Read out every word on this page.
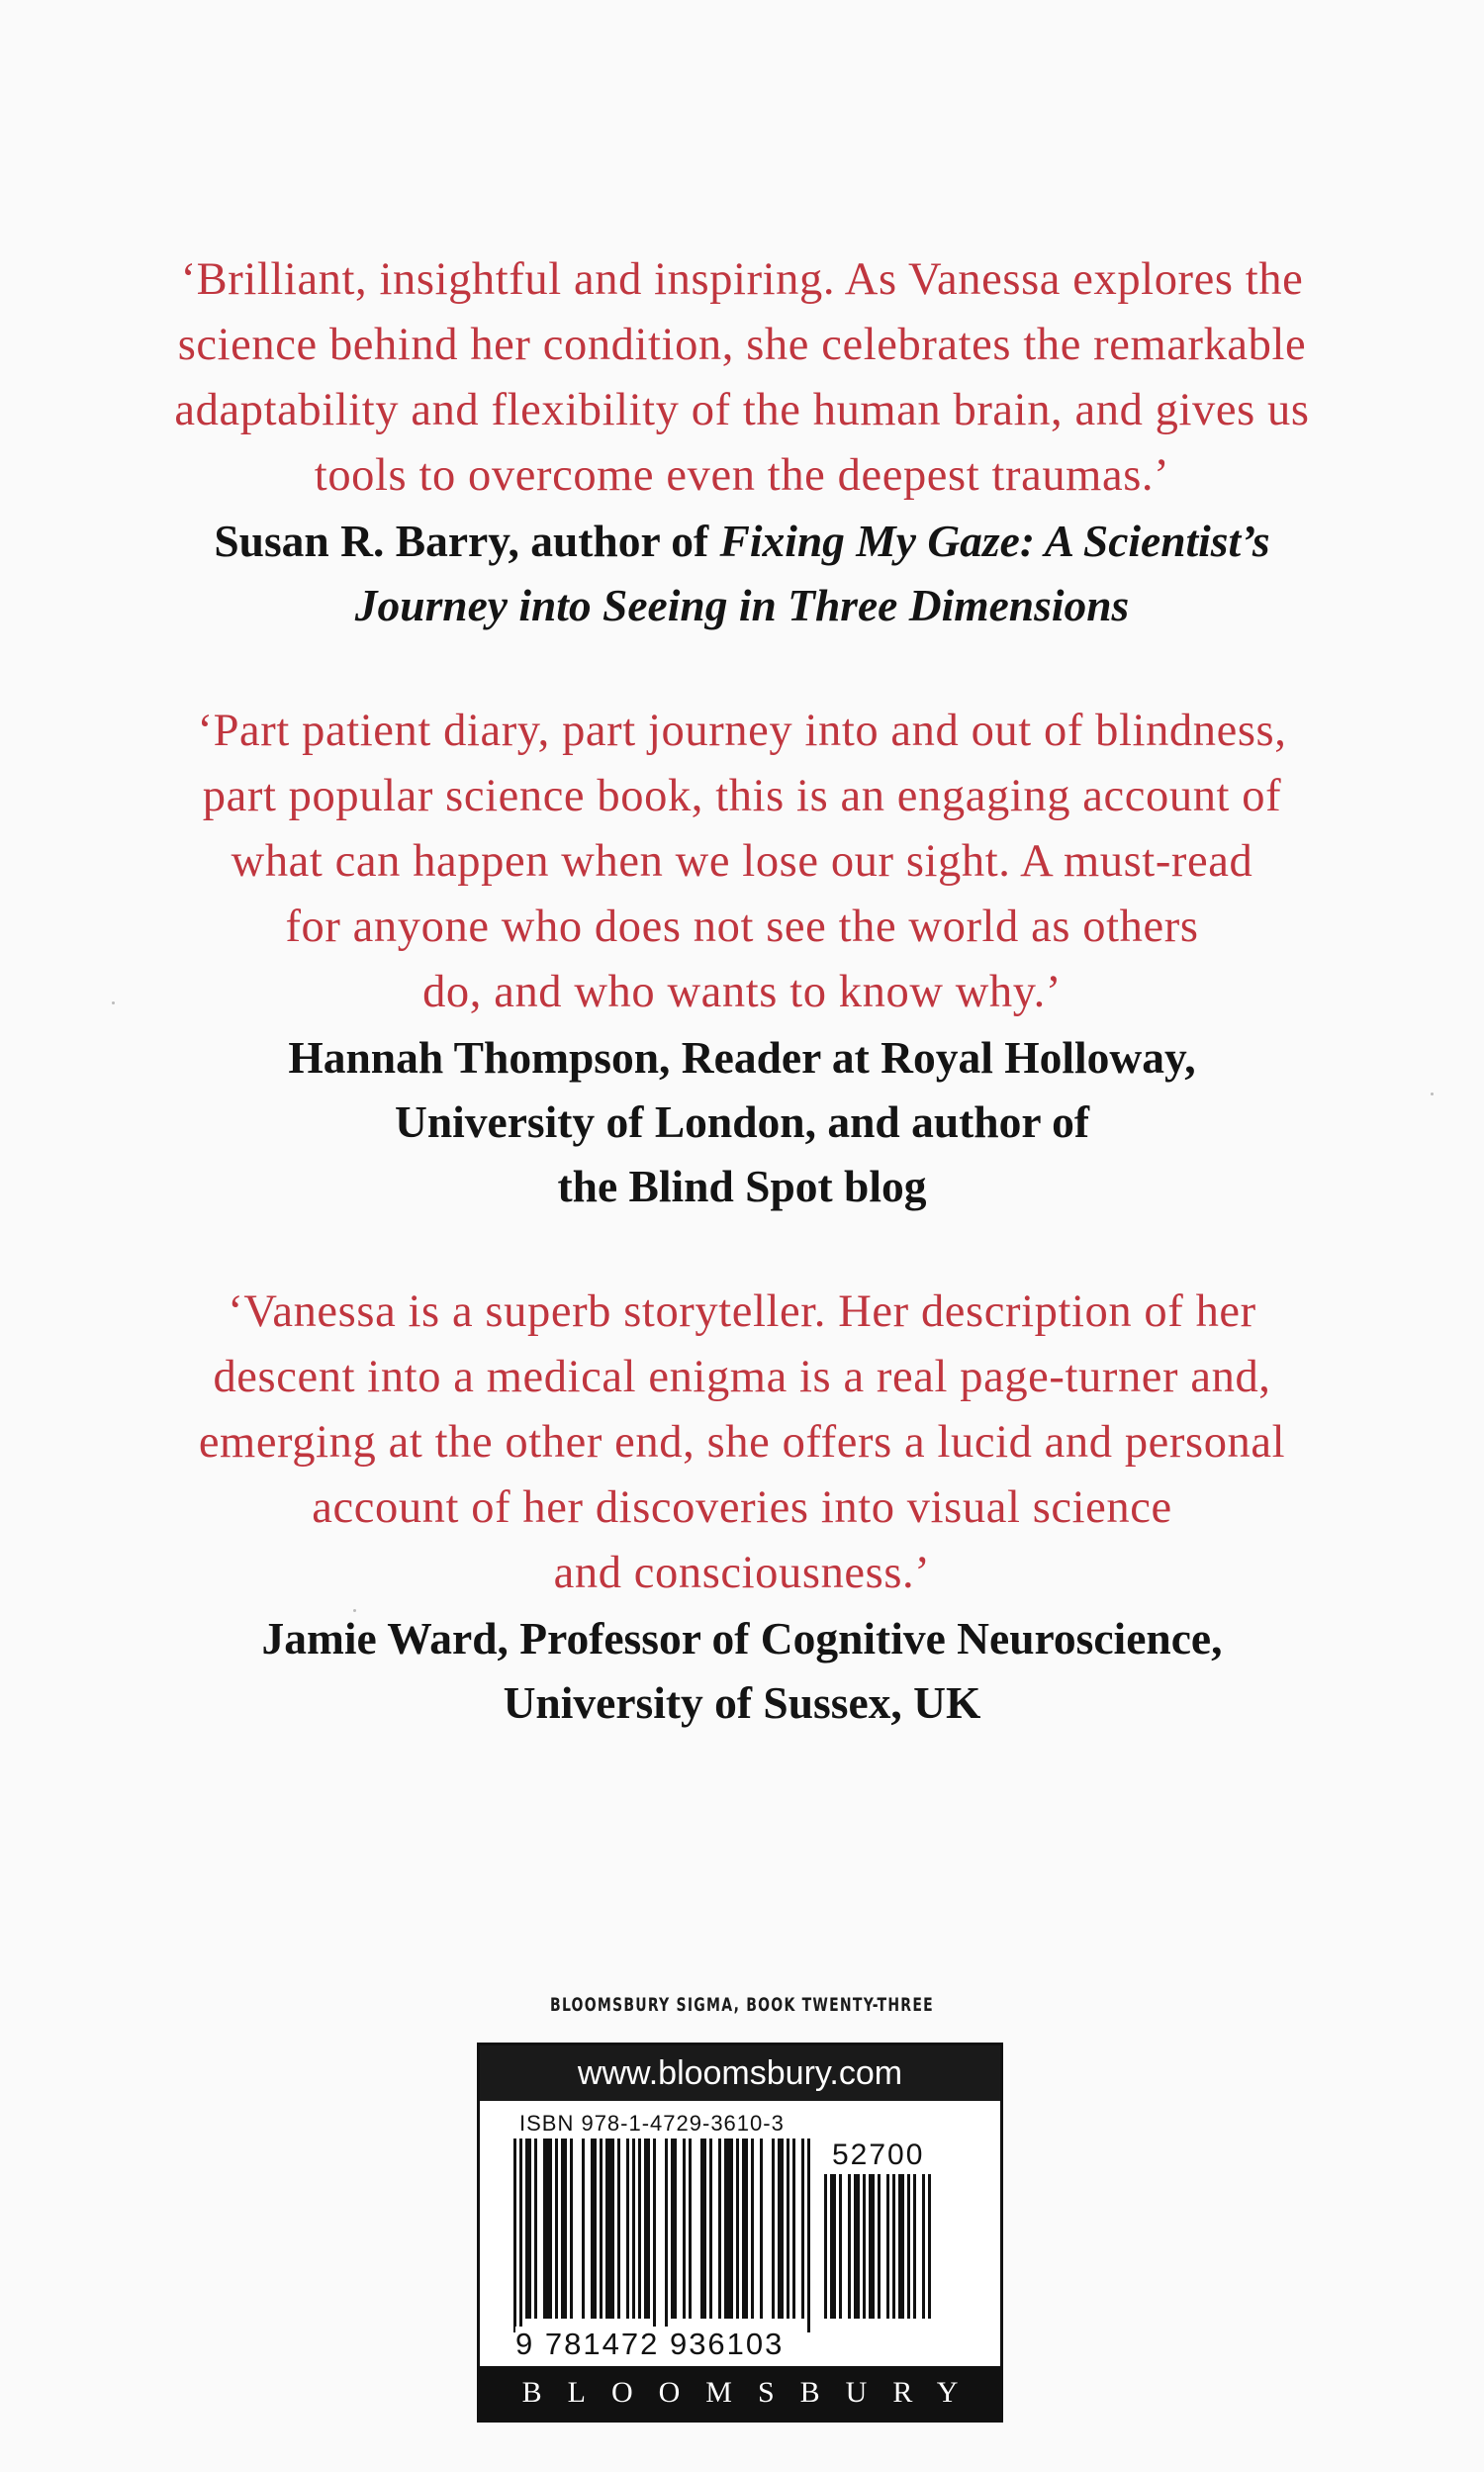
‘Brilliant, insightful and inspiring. As Vanessa explores the
science behind her condition, she celebrates the remarkable
adaptability and flexibility of the human brain, and gives us
tools to overcome even the deepest traumas.’

Susan R. Barry, author of Fixing My Gaze: A Scientist’s
Journey into Seeing in Three Dimensions

‘Part patient diary, part journey into and out of blindness,
part popular science book, this is an engaging account of
what can happen when we lose our sight. A must-read
for anyone who does not see the world as others
do, and who wants to know why.’

Hannah Thompson, Reader at Royal Holloway,
University of London, and author of
the Blind Spot blog

‘Vanessa is a superb storyteller. Her description of her
descent into a medical enigma is a real page-turner and,
emerging at the other end, she offers a lucid and personal
account of her discoveries into visual science
and consciousness.’

Jamie Ward, Professor of Cognitive Neuroscience,
University of Sussex, UK

BLOOMSBURY SIGMA, BOOK TWENTY-THREE
www.bloomsbury.com
ISBN 978-1-4729-3610-3
52700
9 781472 936103
BLOOMSBURY
